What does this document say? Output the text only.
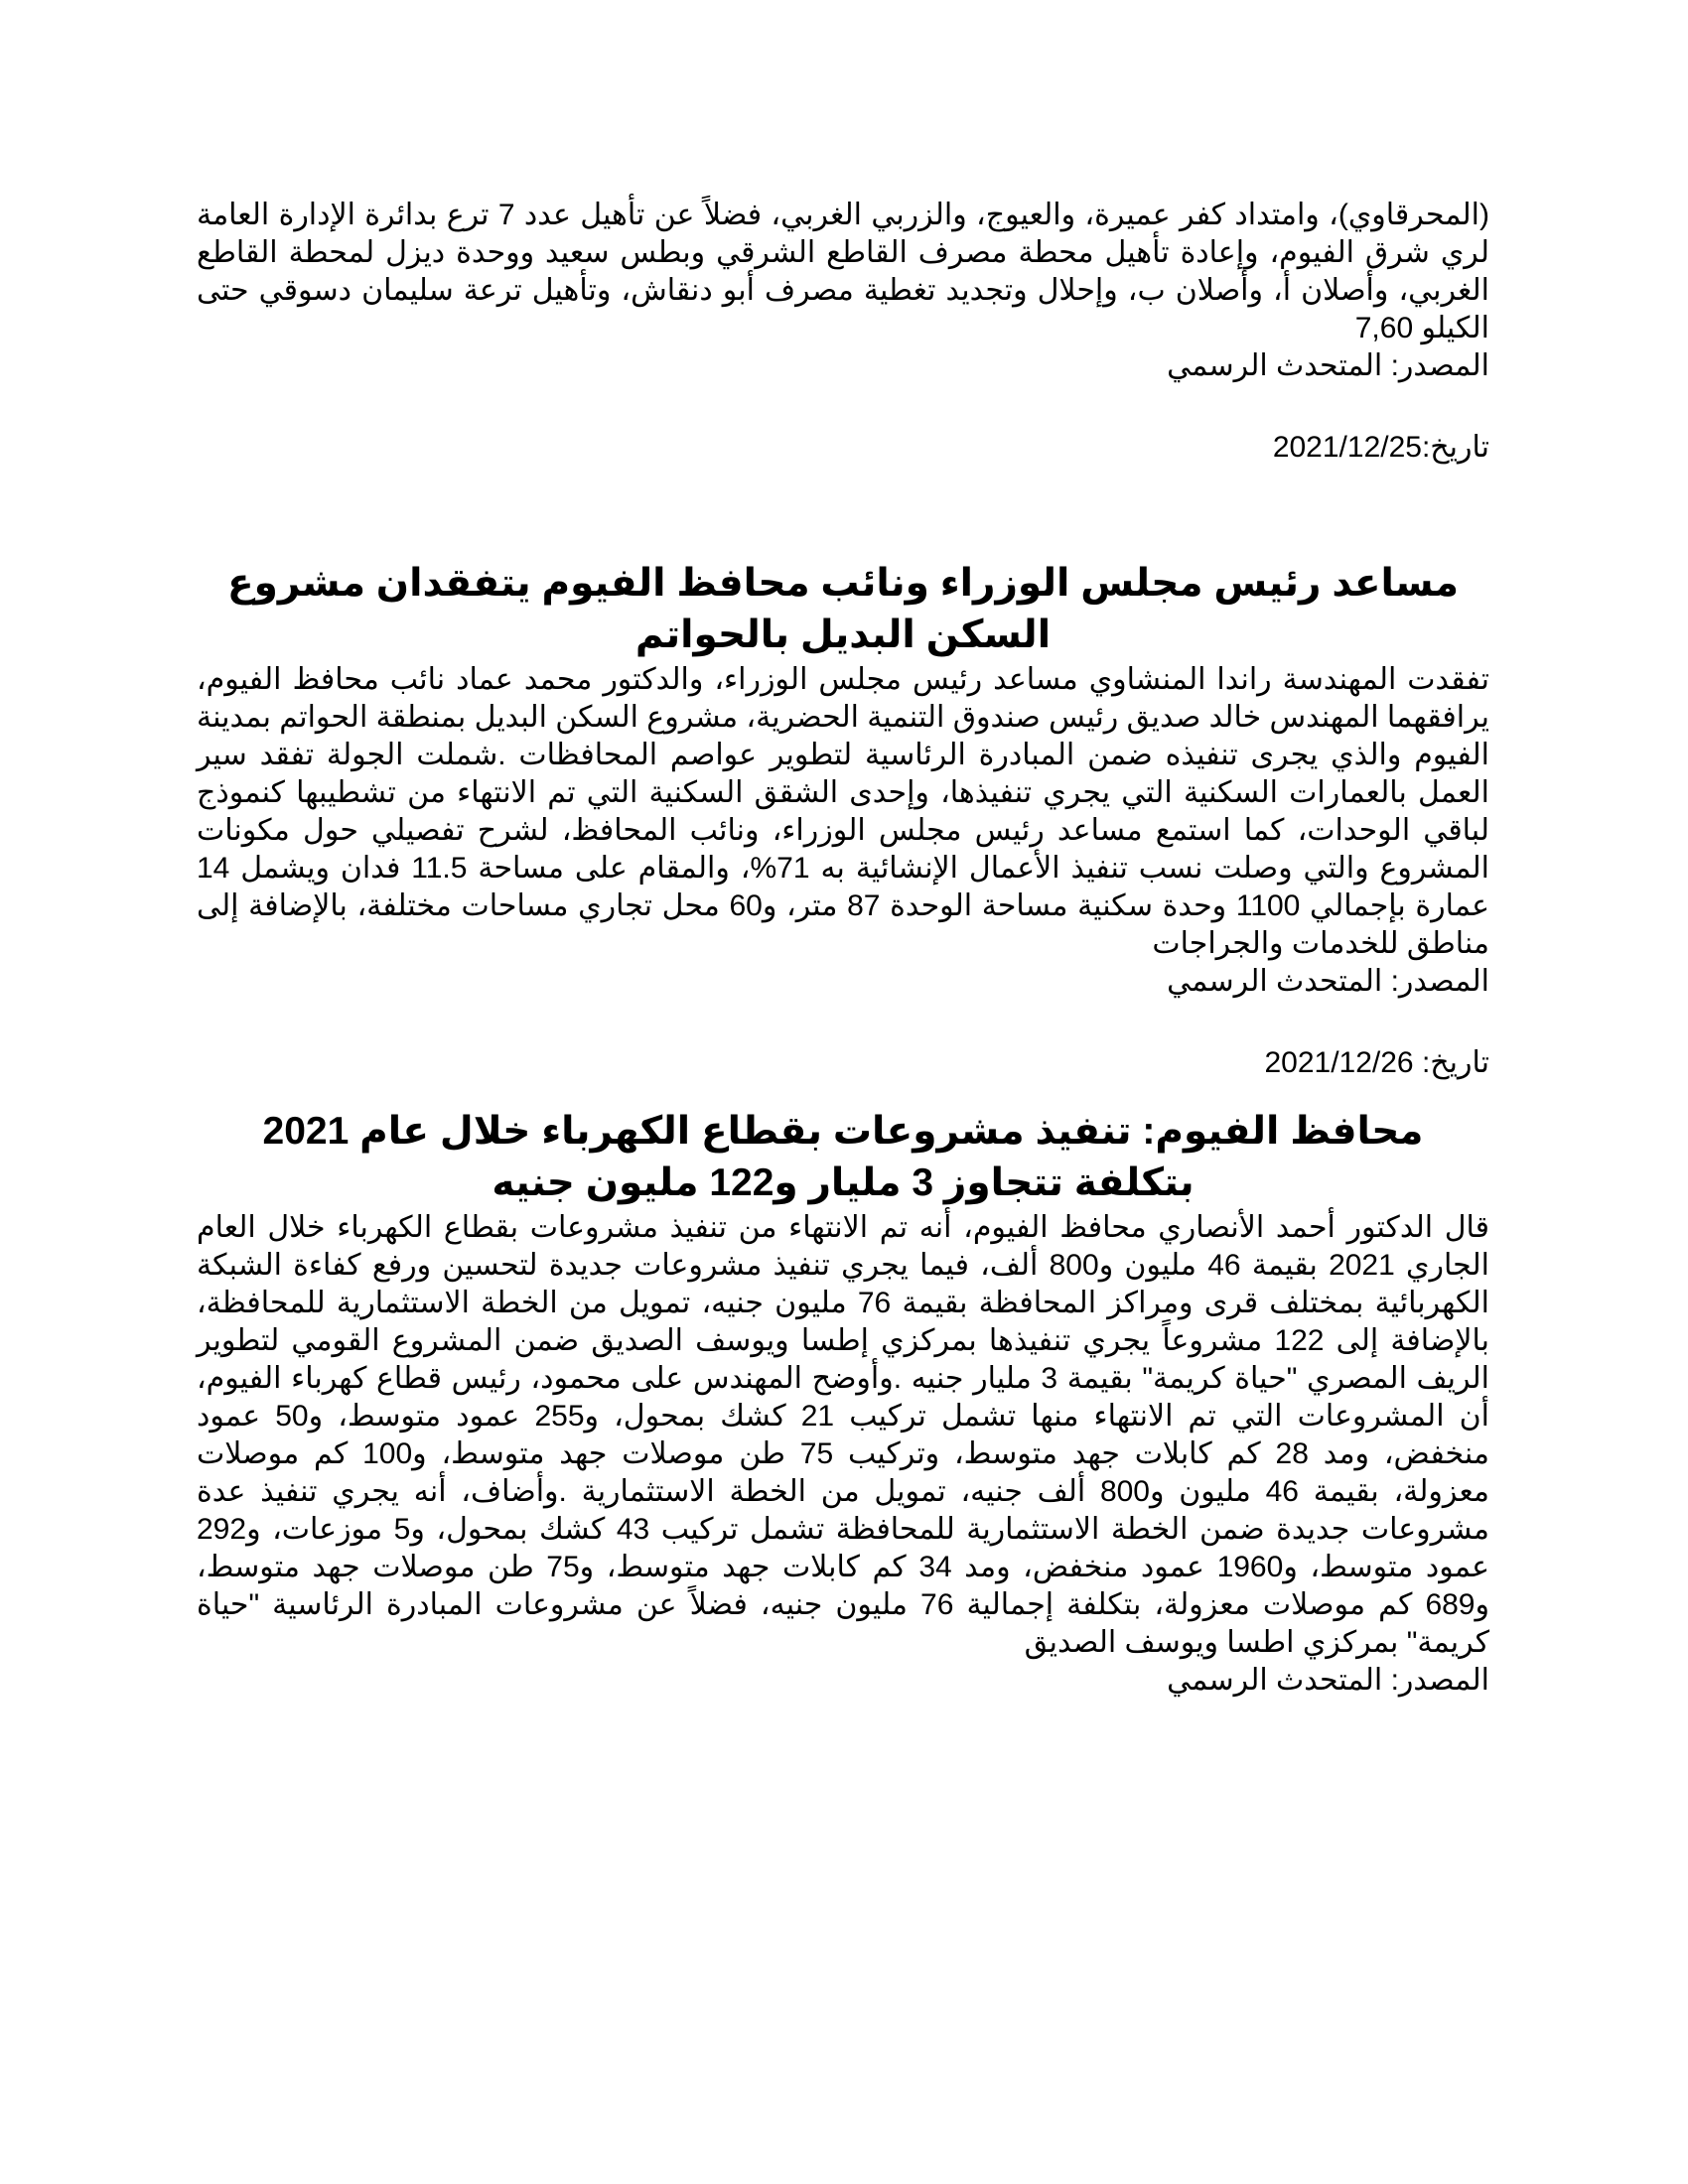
(المحرقاوي)، وامتداد كفر عميرة، والعيوج، والزربي الغربي، فضلاً عن تأهيل عدد 7 ترع بدائرة الإدارة العامة لري شرق الفيوم، وإعادة تأهيل محطة مصرف القاطع الشرقي وبطس سعيد ووحدة ديزل لمحطة القاطع الغربي، وأصلان أ، وأصلان ب، وإحلال وتجديد تغطية مصرف أبو دنقاش، وتأهيل ترعة سليمان دسوقي حتى الكيلو 7,60

المصدر: المتحدث الرسمي

تاريخ:2021/12/25

مساعد رئيس مجلس الوزراء ونائب محافظ الفيوم يتفقدان مشروع السكن البديل بالحواتم

تفقدت المهندسة راندا المنشاوي مساعد رئيس مجلس الوزراء، والدكتور محمد عماد نائب محافظ الفيوم، يرافقهما المهندس خالد صديق رئيس صندوق التنمية الحضرية، مشروع السكن البديل بمنطقة الحواتم بمدينة الفيوم والذي يجرى تنفيذه ضمن المبادرة الرئاسية لتطوير عواصم المحافظات .شملت الجولة تفقد سير العمل بالعمارات السكنية التي يجري تنفيذها، وإحدى الشقق السكنية التي تم الانتهاء من تشطيبها كنموذج لباقي الوحدات، كما استمع مساعد رئيس مجلس الوزراء، ونائب المحافظ، لشرح تفصيلي حول مكونات المشروع والتي وصلت نسب تنفيذ الأعمال الإنشائية به 71%، والمقام على مساحة 11.5 فدان ويشمل 14 عمارة بإجمالي 1100 وحدة سكنية مساحة الوحدة 87 متر، و60 محل تجاري مساحات مختلفة، بالإضافة إلى مناطق للخدمات والجراجات

المصدر: المتحدث الرسمي

تاريخ: 2021/12/26

محافظ الفيوم: تنفيذ مشروعات بقطاع الكهرباء خلال عام 2021 بتكلفة تتجاوز 3 مليار و122 مليون جنيه

قال الدكتور أحمد الأنصاري محافظ الفيوم، أنه تم الانتهاء من تنفيذ مشروعات بقطاع الكهرباء خلال العام الجاري 2021 بقيمة 46 مليون و800 ألف، فيما يجري تنفيذ مشروعات جديدة لتحسين ورفع كفاءة الشبكة الكهربائية بمختلف قرى ومراكز المحافظة بقيمة 76 مليون جنيه، تمويل من الخطة الاستثمارية للمحافظة، بالإضافة إلى 122 مشروعاً يجري تنفيذها بمركزي إطسا ويوسف الصديق ضمن المشروع القومي لتطوير الريف المصري "حياة كريمة" بقيمة 3 مليار جنيه .وأوضح المهندس على محمود، رئيس قطاع كهرباء الفيوم، أن المشروعات التي تم الانتهاء منها تشمل تركيب 21 كشك بمحول، و255 عمود متوسط، و50 عمود منخفض، ومد 28 كم كابلات جهد متوسط، وتركيب 75 طن موصلات جهد متوسط، و100 كم موصلات معزولة، بقيمة 46 مليون و800 ألف جنيه، تمويل من الخطة الاستثمارية .وأضاف، أنه يجري تنفيذ عدة مشروعات جديدة ضمن الخطة الاستثمارية للمحافظة تشمل تركيب 43 كشك بمحول، و5 موزعات، و292 عمود متوسط، و1960 عمود منخفض، ومد 34 كم كابلات جهد متوسط، و75 طن موصلات جهد متوسط، و689 كم موصلات معزولة، بتكلفة إجمالية 76 مليون جنيه، فضلاً عن مشروعات المبادرة الرئاسية "حياة كريمة" بمركزي اطسا ويوسف الصديق

المصدر: المتحدث الرسمي
